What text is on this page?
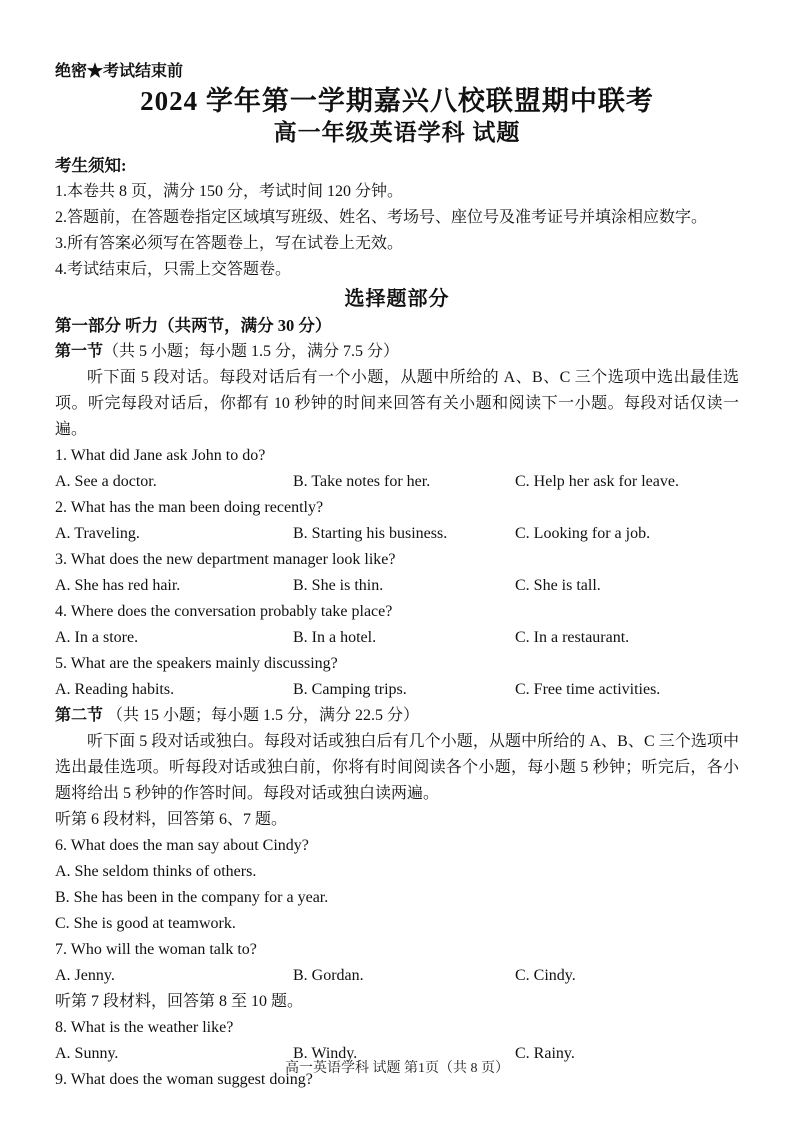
绝密★考试结束前
2024 学年第一学期嘉兴八校联盟期中联考
高一年级英语学科 试题
考生须知:
1.本卷共 8 页，满分 150 分，考试时间 120 分钟。
2.答题前，在答题卷指定区域填写班级、姓名、考场号、座位号及准考证号并填涂相应数字。
3.所有答案必须写在答题卷上，写在试卷上无效。
4.考试结束后，只需上交答题卷。
选择题部分
第一部分 听力（共两节，满分 30 分）
第一节（共 5 小题；每小题 1.5 分，满分 7.5 分）
听下面 5 段对话。每段对话后有一个小题，从题中所给的 A、B、C 三个选项中选出最佳选项。听完每段对话后，你都有 10 秒钟的时间来回答有关小题和阅读下一小题。每段对话仅读一遍。
1. What did Jane ask John to do?
A. See a doctor.	B. Take notes for her.	C. Help her ask for leave.
2. What has the man been doing recently?
A. Traveling.	B. Starting his business.	C. Looking for a job.
3. What does the new department manager look like?
A. She has red hair.	B. She is thin.	C. She is tall.
4. Where does the conversation probably take place?
A. In a store.	B. In a hotel.	C. In a restaurant.
5. What are the speakers mainly discussing?
A. Reading habits.	B. Camping trips.	C. Free time activities.
第二节 （共 15 小题；每小题 1.5 分，满分 22.5 分）
听下面 5 段对话或独白。每段对话或独白后有几个小题，从题中所给的 A、B、C 三个选项中选出最佳选项。听每段对话或独白前，你将有时间阅读各个小题，每小题 5 秒钟；听完后，各小题将给出 5 秒钟的作答时间。每段对话或独白读两遍。
听第 6 段材料，回答第 6、7 题。
6. What does the man say about Cindy?
A. She seldom thinks of others.
B. She has been in the company for a year.
C. She is good at teamwork.
7. Who will the woman talk to?
A. Jenny.	B. Gordan.	C. Cindy.
听第 7 段材料，回答第 8 至 10 题。
8. What is the weather like?
A. Sunny.	B. Windy.	C. Rainy.
9. What does the woman suggest doing?
高一英语学科 试题 第1页（共 8 页）
